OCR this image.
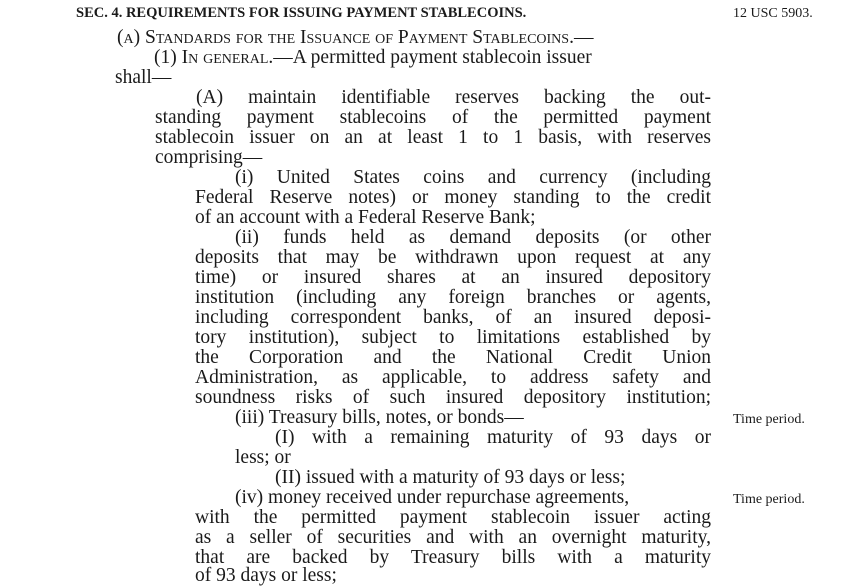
SEC. 4. REQUIREMENTS FOR ISSUING PAYMENT STABLECOINS.	12 USC 5903.
(a) Standards for the Issuance of Payment Stablecoins.—
(1) In general.—A permitted payment stablecoin issuer
shall—
(A) maintain identifiable reserves backing the out-
standing payment stablecoins of the permitted payment
stablecoin issuer on an at least 1 to 1 basis, with reserves
comprising—
(i) United States coins and currency (including
Federal Reserve notes) or money standing to the credit
of an account with a Federal Reserve Bank;
(ii) funds held as demand deposits (or other
deposits that may be withdrawn upon request at any
time) or insured shares at an insured depository
institution (including any foreign branches or agents,
including correspondent banks, of an insured deposi-
tory institution), subject to limitations established by
the Corporation and the National Credit Union
Administration, as applicable, to address safety and
soundness risks of such insured depository institution;
(iii) Treasury bills, notes, or bonds—	Time period.
(I) with a remaining maturity of 93 days or
less; or
(II) issued with a maturity of 93 days or less;
(iv) money received under repurchase agreements,	Time period.
with the permitted payment stablecoin issuer acting
as a seller of securities and with an overnight maturity,
that are backed by Treasury bills with a maturity
of 93 days or less;
